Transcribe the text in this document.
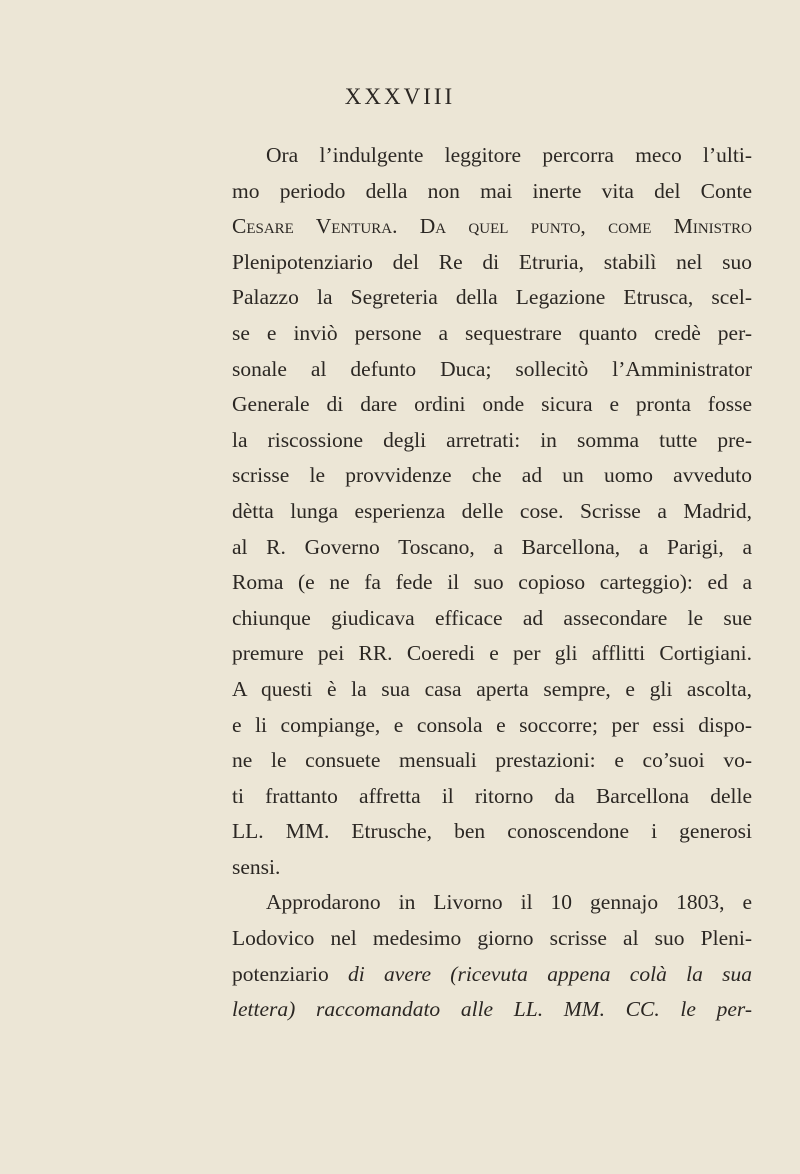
XXXVIII
Ora l’indulgente leggitore percorra meco l’ulti-
mo periodo della non mai inerte vita del Conte
Cesare Ventura. Da quel punto, come Ministro
Plenipotenziario del Re di Etruria, stabilì nel suo
Palazzo la Segreteria della Legazione Etrusca, scel-
se e inviò persone a sequestrare quanto credè per-
sonale al defunto Duca; sollecitò l’Amministrator
Generale di dare ordini onde sicura e pronta fosse
la riscossione degli arretrati: in somma tutte pre-
scrisse le provvidenze che ad un uomo avveduto
dètta lunga esperienza delle cose. Scrisse a Madrid,
al R. Governo Toscano, a Barcellona, a Parigi, a
Roma (e ne fa fede il suo copioso carteggio): ed a
chiunque giudicava efficace ad assecondare le sue
premure pei RR. Coeredi e per gli afflitti Cortigiani.
A questi è la sua casa aperta sempre, e gli ascolta,
e li compiange, e consola e soccorre; per essi dispo-
ne le consuete mensuali prestazioni: e co’suoi vo-
ti frattanto affretta il ritorno da Barcellona delle
LL. MM. Etrusche, ben conoscendone i generosi
sensi.
Approdarono in Livorno il 10 gennajo 1803, e
Lodovico nel medesimo giorno scrisse al suo Pleni-
potenziario di avere (ricevuta appena colà la sua
lettera) raccomandato alle LL. MM. CC. le per-
